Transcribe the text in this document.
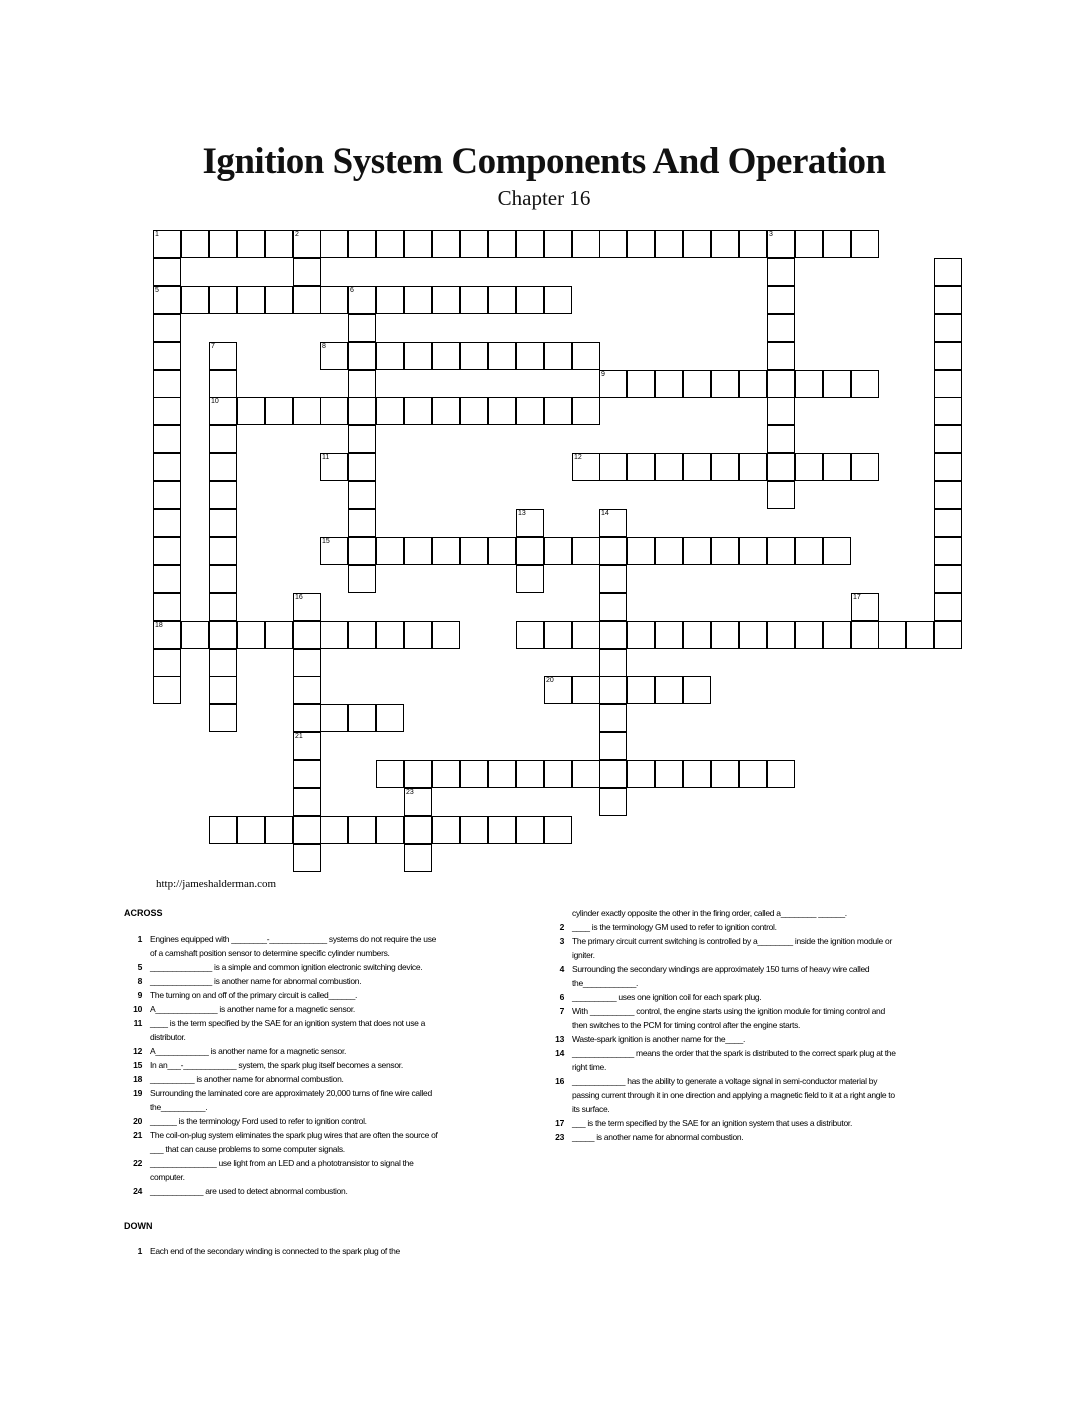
Ignition System Components And Operation
Chapter 16
1	2	3
5	6
7	8
9
10
11	12
13	14
15
16	17
18
20
21
23
http://jameshalderman.com
ACROSS
1 Engines equipped with ________-_____________ systems do not require the use of a camshaft position sensor to determine specific cylinder numbers.
5 ______________ is a simple and common ignition electronic switching device.
8 ______________ is another name for abnormal combustion.
9 The turning on and off of the primary circuit is called______.
10 A______________ is another name for a magnetic sensor.
11 ____ is the term specified by the SAE for an ignition system that does not use a distributor.
12 A____________ is another name for a magnetic sensor.
15 In an___-____________ system, the spark plug itself becomes a sensor.
18 __________ is another name for abnormal combustion.
19 Surrounding the laminated core are approximately 20,000 turns of fine wire called the__________.
20 ______ is the terminology Ford used to refer to ignition control.
21 The coil-on-plug system eliminates the spark plug wires that are often the source of ___ that can cause problems to some computer signals.
22 _______________ use light from an LED and a phototransistor to signal the computer.
24 ____________ are used to detect abnormal combustion.
DOWN
1 Each end of the secondary winding is connected to the spark plug of the
cylinder exactly opposite the other in the firing order, called a________ ______.
2 ____ is the terminology GM used to refer to ignition control.
3 The primary circuit current switching is controlled by a________ inside the ignition module or igniter.
4 Surrounding the secondary windings are approximately 150 turns of heavy wire called the____________.
6 __________ uses one ignition coil for each spark plug.
7 With __________ control, the engine starts using the ignition module for timing control and then switches to the PCM for timing control after the engine starts.
13 Waste-spark ignition is another name for the____.
14 ______________ means the order that the spark is distributed to the correct spark plug at the right time.
16 ____________ has the ability to generate a voltage signal in semi-conductor material by passing current through it in one direction and applying a magnetic field to it at a right angle to its surface.
17 ___ is the term specified by the SAE for an ignition system that uses a distributor.
23 _____ is another name for abnormal combustion.
